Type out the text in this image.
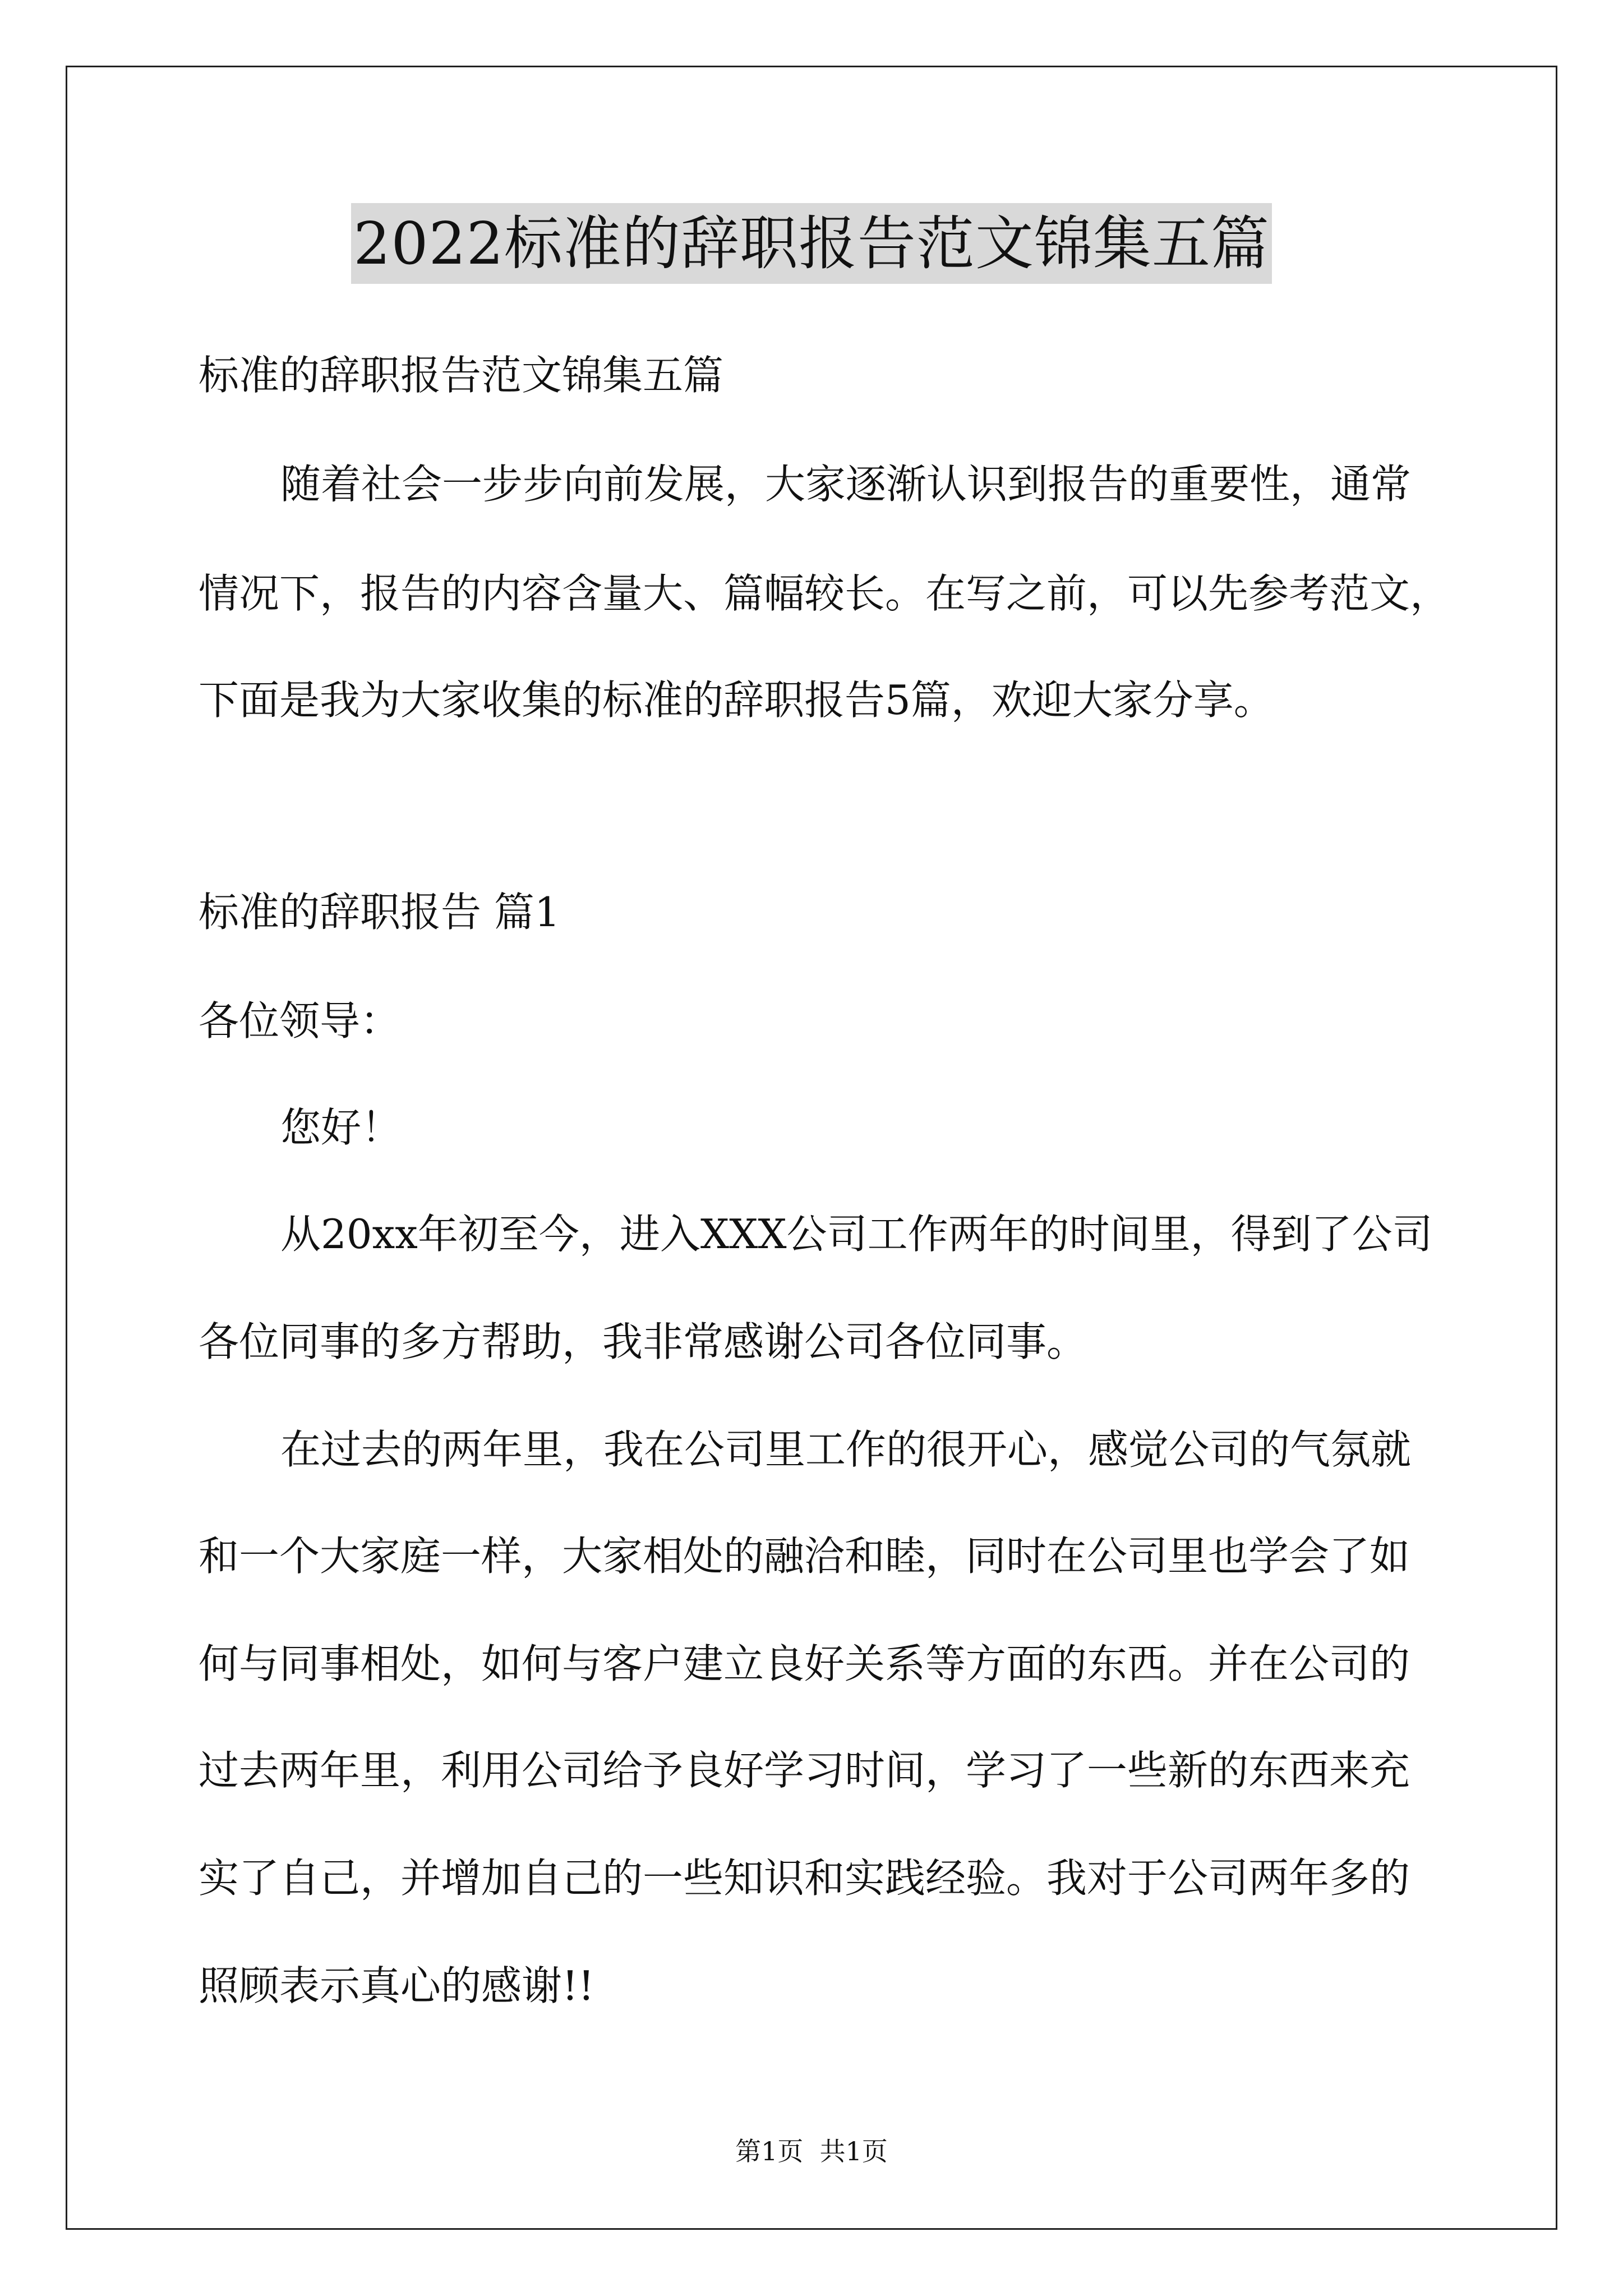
2022标准的辞职报告范文锦集五篇
标准的辞职报告范文锦集五篇
随着社会一步步向前发展，大家逐渐认识到报告的重要性，通常
情况下，报告的内容含量大、篇幅较长。在写之前，可以先参考范文，
下面是我为大家收集的标准的辞职报告5篇，欢迎大家分享。
标准的辞职报告 篇1
各位领导：
您好！
从20xx年初至今，进入XXX公司工作两年的时间里，得到了公司
各位同事的多方帮助，我非常感谢公司各位同事。
在过去的两年里，我在公司里工作的很开心，感觉公司的气氛就
和一个大家庭一样，大家相处的融洽和睦，同时在公司里也学会了如
何与同事相处，如何与客户建立良好关系等方面的东西。并在公司的
过去两年里，利用公司给予良好学习时间，学习了一些新的东西来充
实了自己，并增加自己的一些知识和实践经验。我对于公司两年多的
照顾表示真心的感谢!!
第1页  共1页
